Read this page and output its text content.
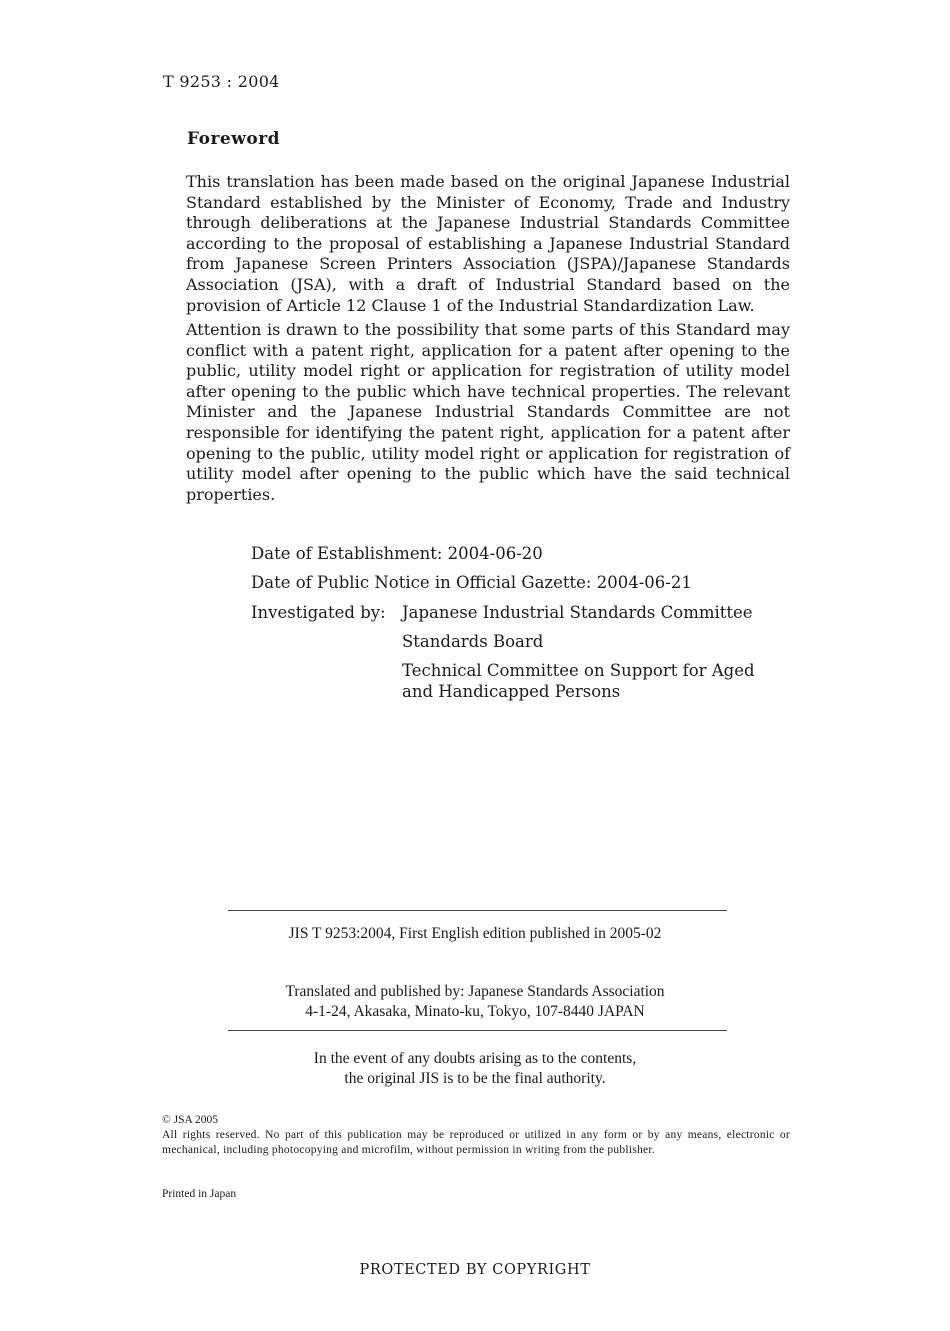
T 9253 : 2004
Foreword
This translation has been made based on the original Japanese Industrial Standard established by the Minister of Economy, Trade and Industry through deliberations at the Japanese Industrial Standards Committee according to the proposal of establishing a Japanese Industrial Standard from Japanese Screen Printers Association (JSPA)/Japanese Standards Association (JSA), with a draft of Industrial Standard based on the provision of Article 12 Clause 1 of the Industrial Standardization Law.
Attention is drawn to the possibility that some parts of this Standard may conflict with a patent right, application for a patent after opening to the public, utility model right or application for registration of utility model after opening to the public which have technical properties. The relevant Minister and the Japanese Industrial Standards Committee are not responsible for identifying the patent right, application for a patent after opening to the public, utility model right or application for registration of utility model after opening to the public which have the said technical properties.
Date of Establishment: 2004-06-20
Date of Public Notice in Official Gazette: 2004-06-21
Investigated by: Japanese Industrial Standards Committee
Standards Board
Technical Committee on Support for Aged
and Handicapped Persons
JIS T 9253:2004, First English edition published in 2005-02
Translated and published by: Japanese Standards Association
4-1-24, Akasaka, Minato-ku, Tokyo, 107-8440 JAPAN
In the event of any doubts arising as to the contents,
the original JIS is to be the final authority.
© JSA 2005
All rights reserved. No part of this publication may be reproduced or utilized in any form or by any means, electronic or mechanical, including photocopying and microfilm, without permission in writing from the publisher.
Printed in Japan
PROTECTED BY COPYRIGHT
